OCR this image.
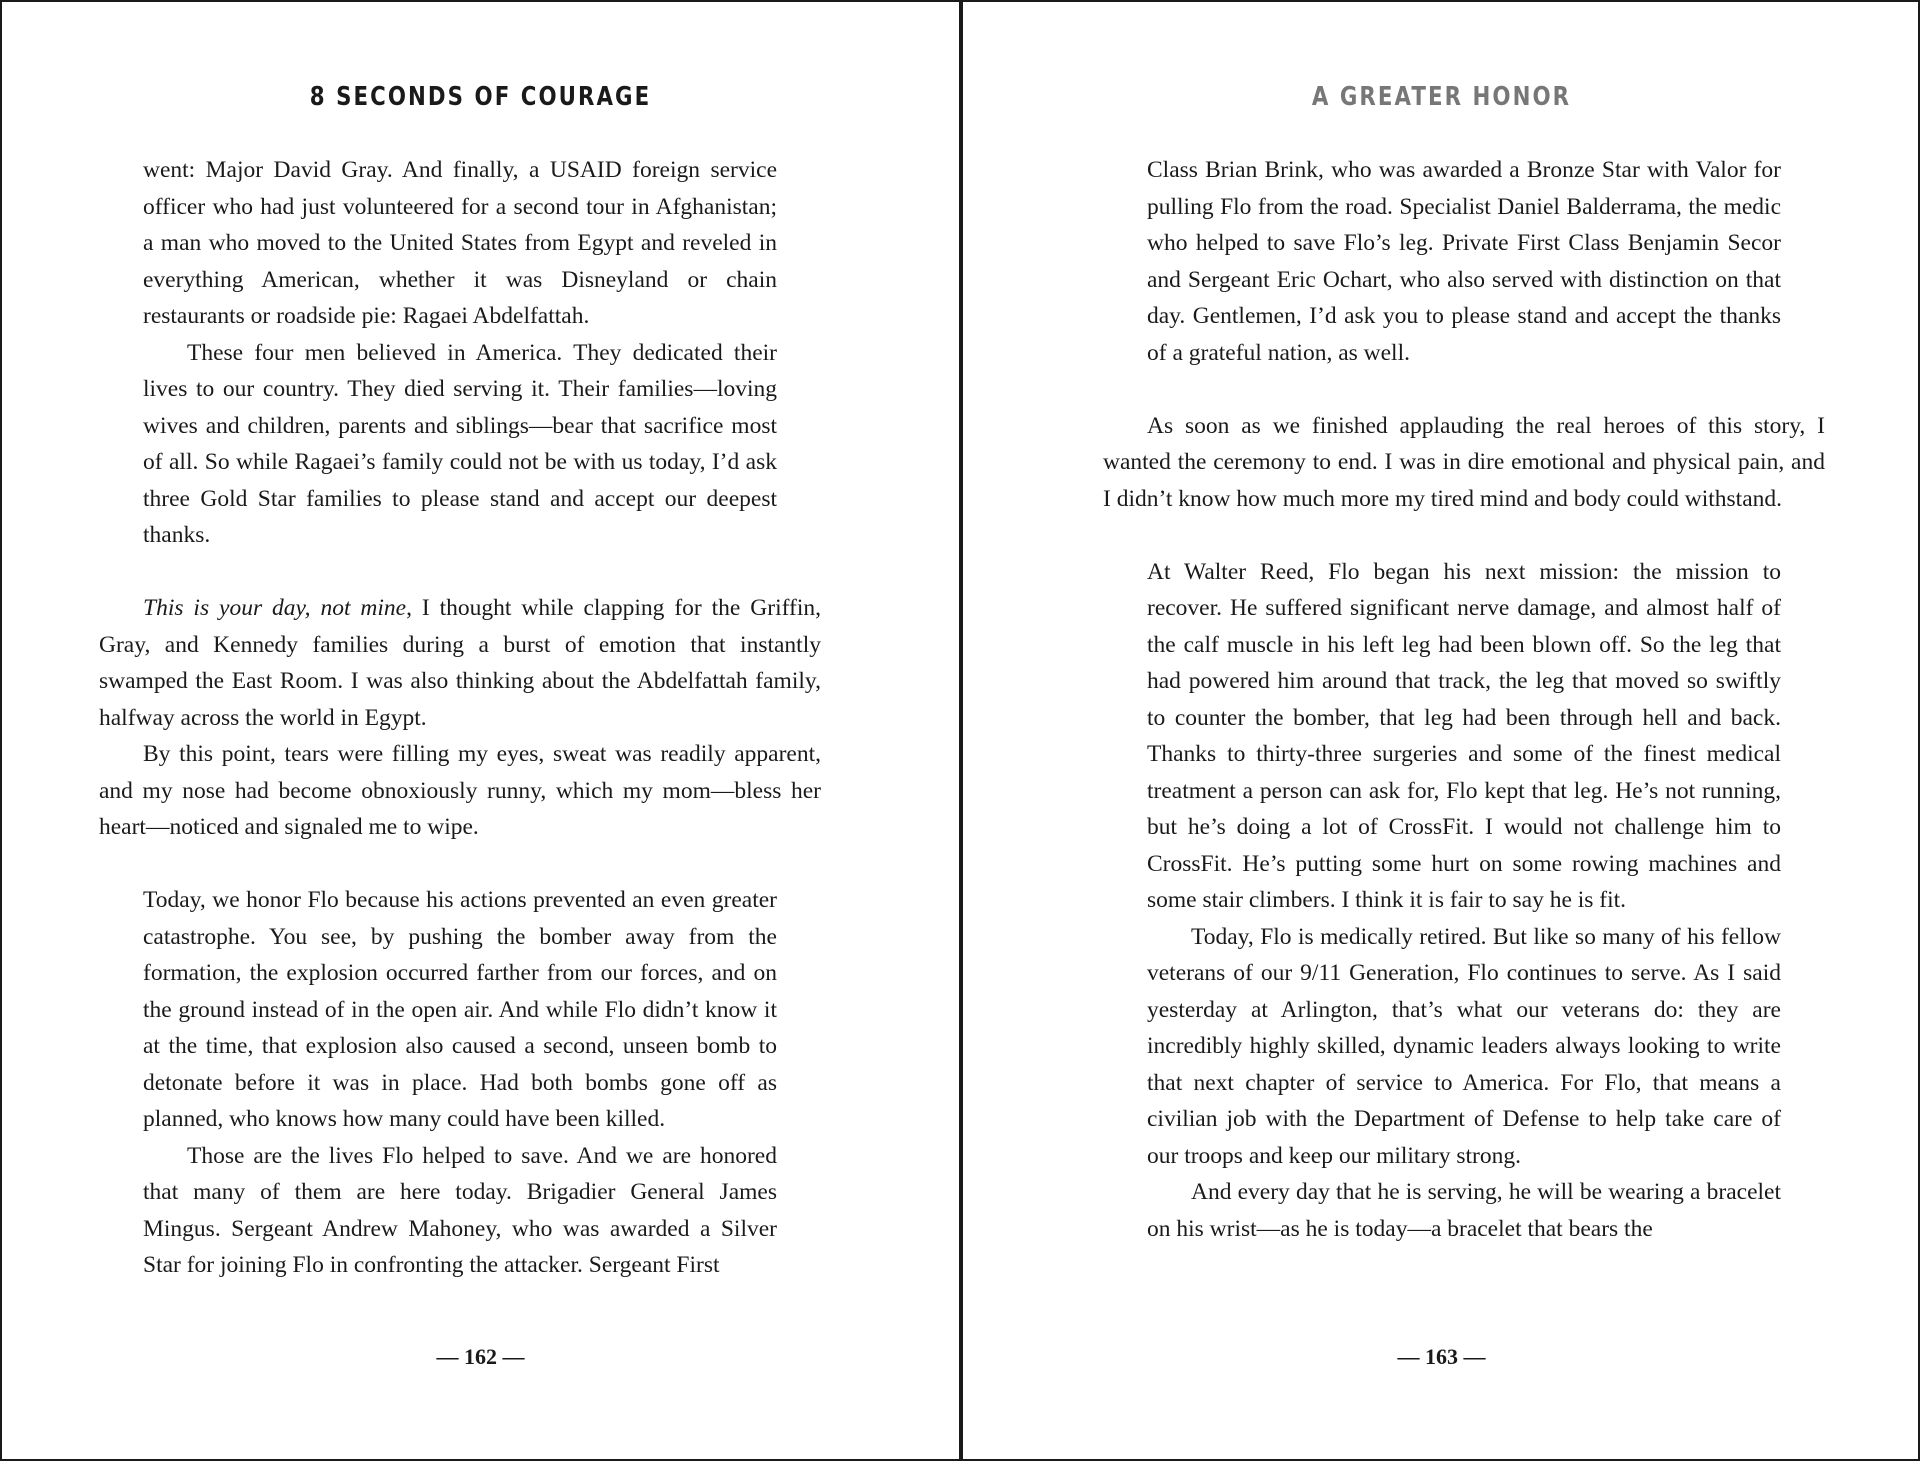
8 SECONDS OF COURAGE

went: Major David Gray. And finally, a USAID foreign service officer who had just volunteered for a second tour in Afghanistan; a man who moved to the United States from Egypt and reveled in everything American, whether it was Disneyland or chain restaurants or roadside pie: Ragaei Abdelfattah.

These four men believed in America. They dedicated their lives to our country. They died serving it. Their families—loving wives and children, parents and siblings—bear that sacrifice most of all. So while Ragaei’s family could not be with us today, I’d ask three Gold Star families to please stand and accept our deepest thanks.

This is your day, not mine, I thought while clapping for the Griffin, Gray, and Kennedy families during a burst of emotion that instantly swamped the East Room. I was also thinking about the Abdelfattah family, halfway across the world in Egypt.

By this point, tears were filling my eyes, sweat was readily apparent, and my nose had become obnoxiously runny, which my mom—bless her heart—noticed and signaled me to wipe.

Today, we honor Flo because his actions prevented an even greater catastrophe. You see, by pushing the bomber away from the formation, the explosion occurred farther from our forces, and on the ground instead of in the open air. And while Flo didn’t know it at the time, that explosion also caused a second, unseen bomb to detonate before it was in place. Had both bombs gone off as planned, who knows how many could have been killed.

Those are the lives Flo helped to save. And we are honored that many of them are here today. Brigadier General James Mingus. Sergeant Andrew Mahoney, who was awarded a Silver Star for joining Flo in confronting the attacker. Sergeant First

— 162 —
A GREATER HONOR

Class Brian Brink, who was awarded a Bronze Star with Valor for pulling Flo from the road. Specialist Daniel Balderrama, the medic who helped to save Flo’s leg. Private First Class Benjamin Secor and Sergeant Eric Ochart, who also served with distinction on that day. Gentlemen, I’d ask you to please stand and accept the thanks of a grateful nation, as well.

As soon as we finished applauding the real heroes of this story, I wanted the ceremony to end. I was in dire emotional and physical pain, and I didn’t know how much more my tired mind and body could withstand.

At Walter Reed, Flo began his next mission: the mission to recover. He suffered significant nerve damage, and almost half of the calf muscle in his left leg had been blown off. So the leg that had powered him around that track, the leg that moved so swiftly to counter the bomber, that leg had been through hell and back. Thanks to thirty-three surgeries and some of the finest medical treatment a person can ask for, Flo kept that leg. He’s not running, but he’s doing a lot of CrossFit. I would not challenge him to CrossFit. He’s putting some hurt on some rowing machines and some stair climbers. I think it is fair to say he is fit.

Today, Flo is medically retired. But like so many of his fellow veterans of our 9/11 Generation, Flo continues to serve. As I said yesterday at Arlington, that’s what our veterans do: they are incredibly highly skilled, dynamic leaders always looking to write that next chapter of service to America. For Flo, that means a civilian job with the Department of Defense to help take care of our troops and keep our military strong.

And every day that he is serving, he will be wearing a bracelet on his wrist—as he is today—a bracelet that bears the

— 163 —
